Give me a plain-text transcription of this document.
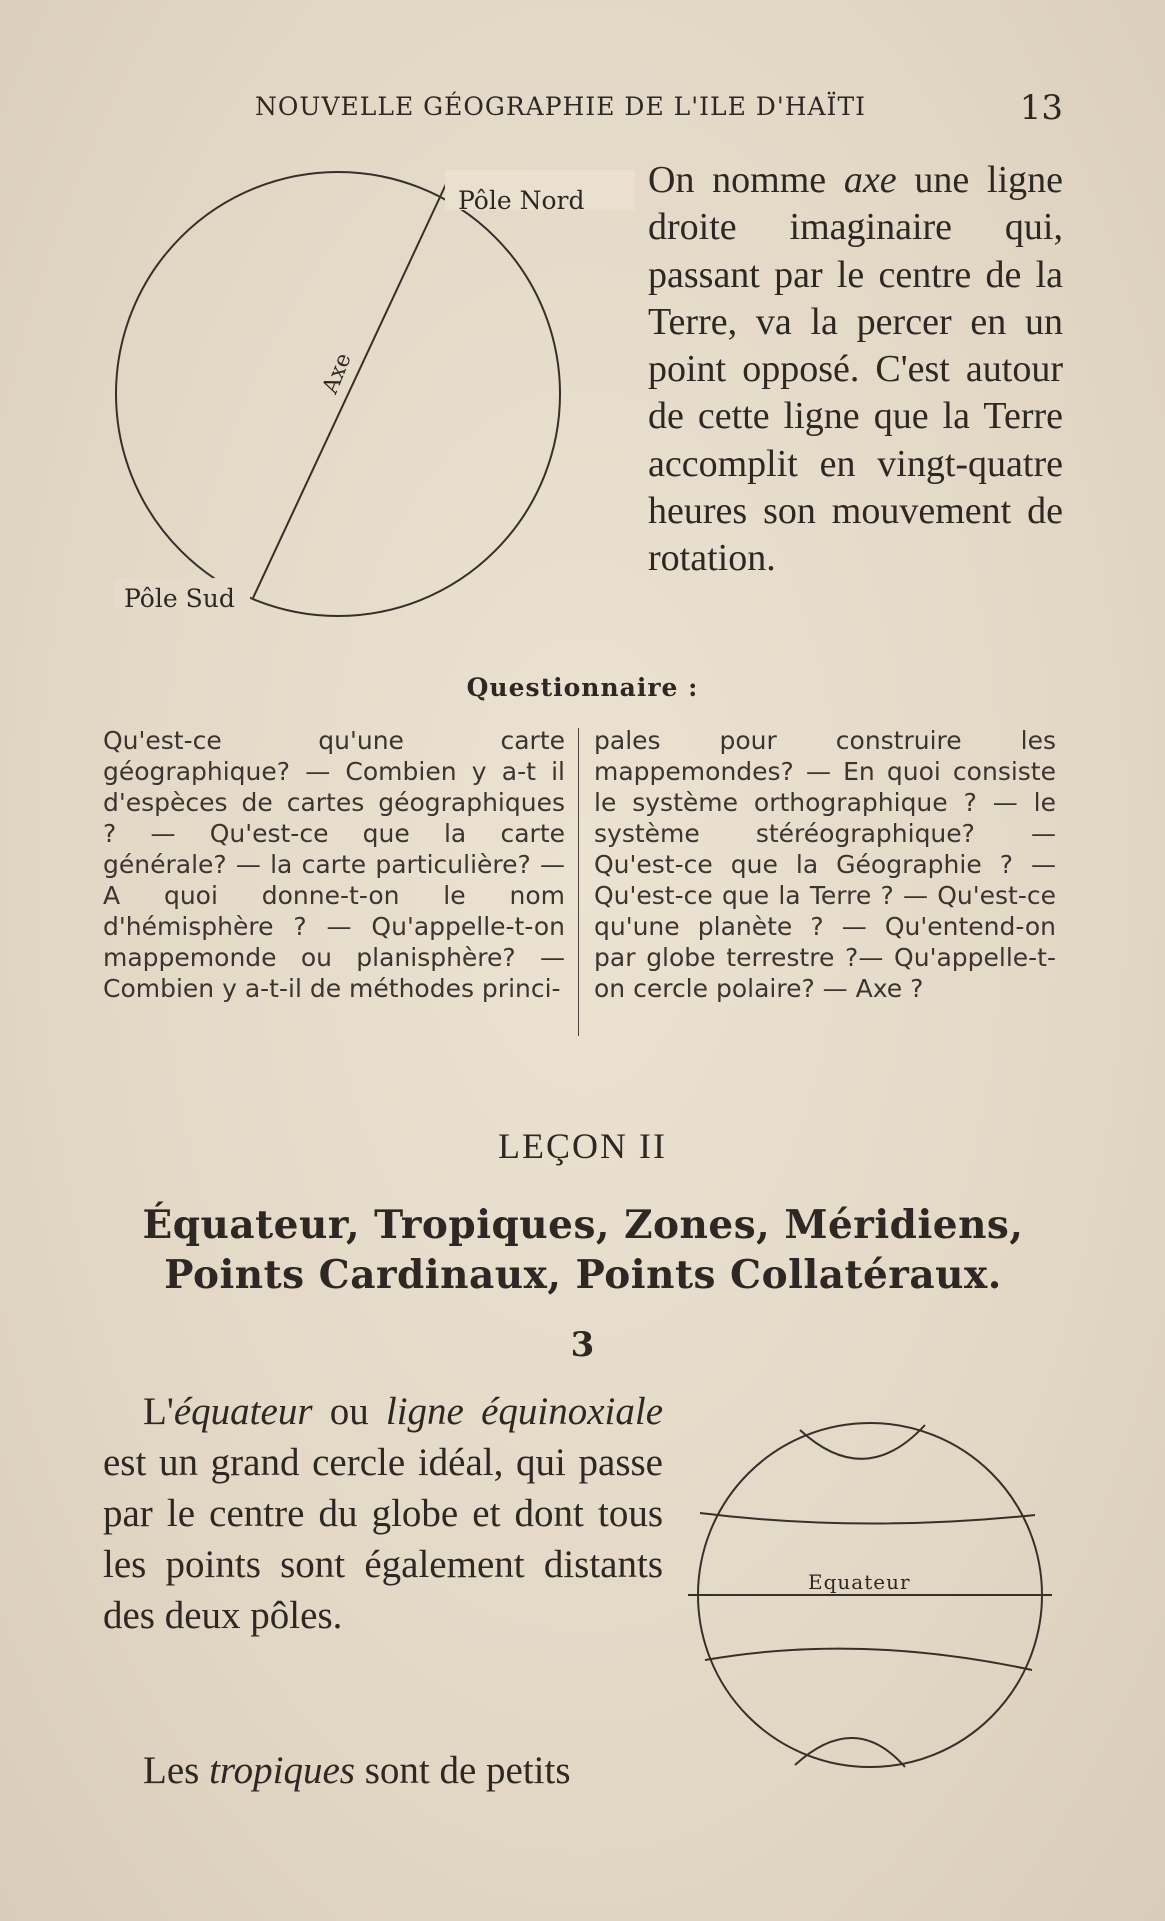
NOUVELLE GÉOGRAPHIE DE L'ILE D'HAÏTI	13
Pôle Nord
Pôle Sud
Axe
On nomme axe une ligne droite imaginaire qui, passant par le centre de la Terre, va la percer en un point opposé. C'est autour de cette ligne que la Terre accomplit en vingt-quatre heures son mouvement de rotation.
Questionnaire :
Qu'est-ce qu'une carte géographique? — Combien y a-t il d'espèces de cartes géographiques ? — Qu'est-ce que la carte générale? — la carte particulière? — A quoi donne-t-on le nom d'hémisphère ? — Qu'appelle-t-on mappemonde ou planisphère? — Combien y a-t-il de méthodes princi-
pales pour construire les mappemondes? — En quoi consiste le système orthographique ? — le système stéréographique? — Qu'est-ce que la Géographie ? — Qu'est-ce que la Terre ? — Qu'est-ce qu'une planète ? — Qu'entend-on par globe terrestre ?— Qu'appelle-t-on cercle polaire? — Axe ?
LEÇON II
Équateur, Tropiques, Zones, Méridiens,
Points Cardinaux, Points Collatéraux.
3
L'équateur ou ligne équinoxiale est un grand cercle idéal, qui passe par le centre du globe et dont tous les points sont également distants des deux pôles.
Les tropiques sont de petits
Equateur
